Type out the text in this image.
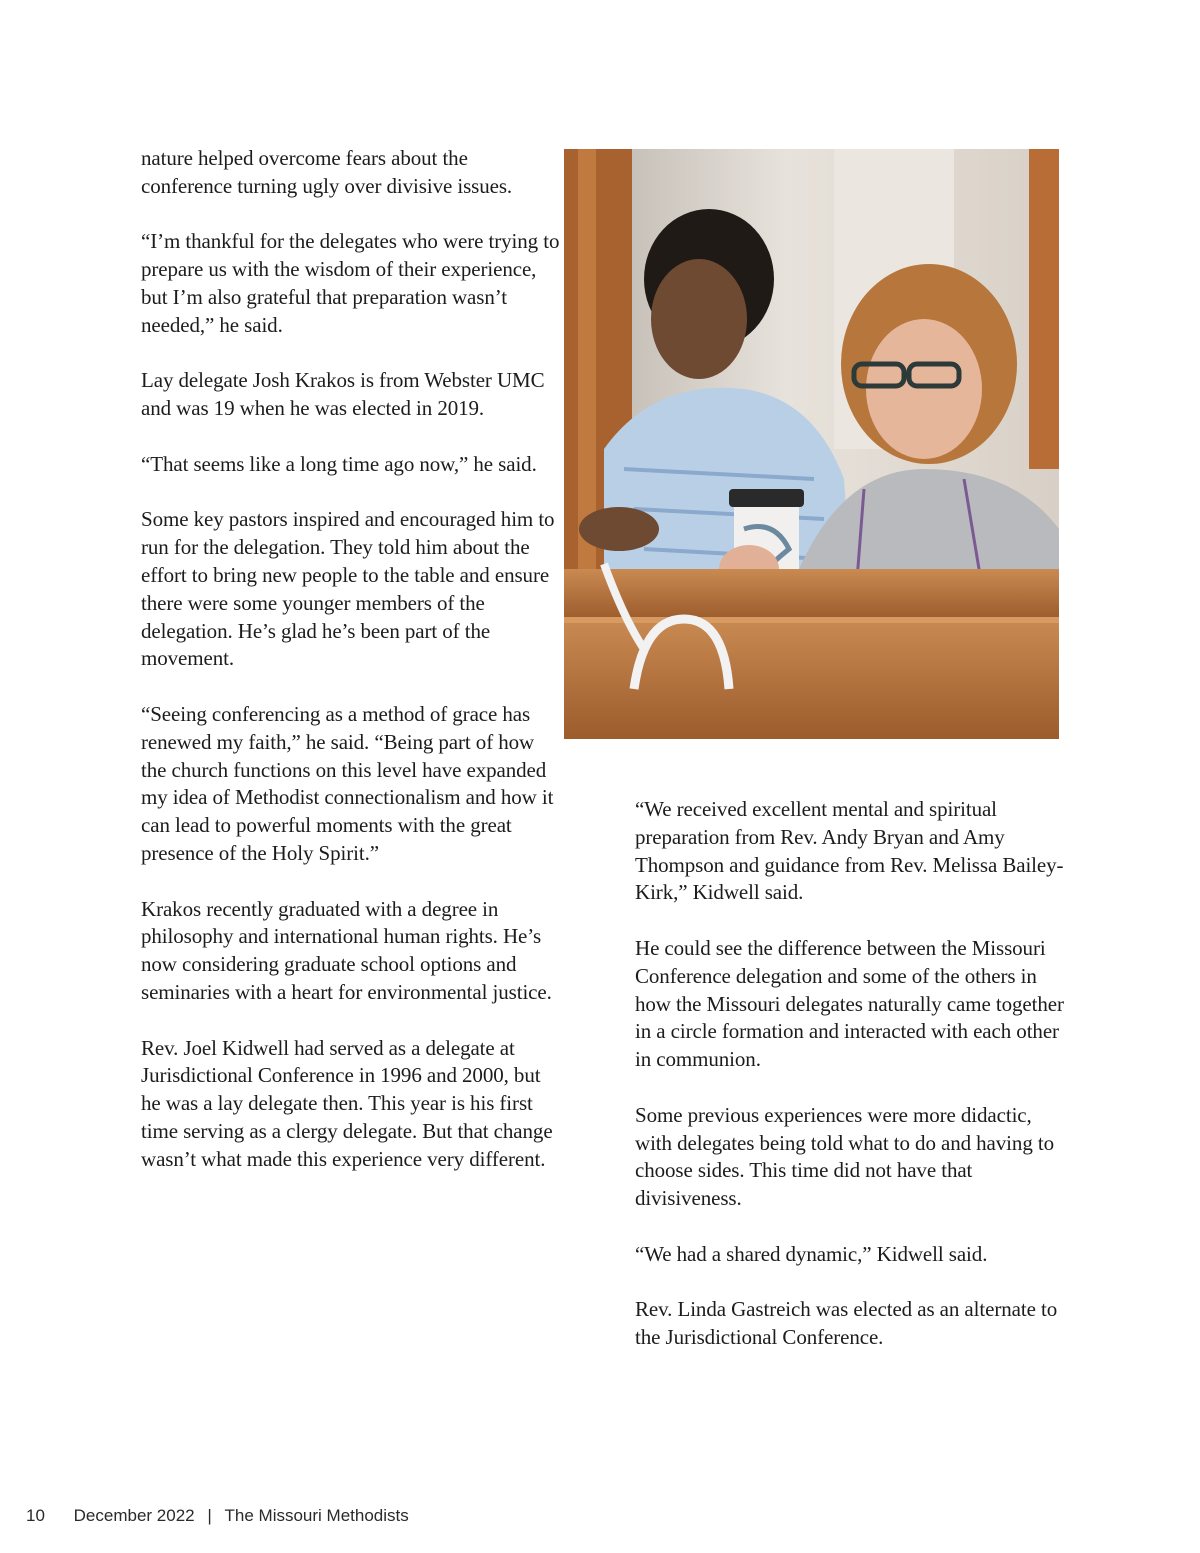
nature helped overcome fears about the conference turning ugly over divisive issues.

“I’m thankful for the delegates who were trying to prepare us with the wisdom of their experience, but I’m also grateful that preparation wasn’t needed,” he said.

Lay delegate Josh Krakos is from Webster UMC and was 19 when he was elected in 2019.

“That seems like a long time ago now,” he said.

Some key pastors inspired and encouraged him to run for the delegation. They told him about the effort to bring new people to the table and ensure there were some younger members of the delegation. He’s glad he’s been part of the movement.

“Seeing conferencing as a method of grace has renewed my faith,” he said. “Being part of how the church functions on this level have expanded my idea of Methodist connectionalism and how it can lead to powerful moments with the great presence of the Holy Spirit.”

Krakos recently graduated with a degree in philosophy and international human rights. He’s now considering graduate school options and seminaries with a heart for environmental justice.

Rev. Joel Kidwell had served as a delegate at Jurisdictional Conference in 1996 and 2000, but he was a lay delegate then. This year is his first time serving as a clergy delegate. But that change wasn’t what made this experience very different.

“We received excellent mental and spiritual preparation from Rev. Andy Bryan and Amy Thompson and guidance from Rev. Melissa Bailey-Kirk,” Kidwell said.

He could see the difference between the Missouri Conference delegation and some of the others in how the Missouri delegates naturally came together in a circle formation and interacted with each other in communion.

Some previous experiences were more didactic, with delegates being told what to do and having to choose sides. This time did not have that divisiveness.

“We had a shared dynamic,” Kidwell said.

Rev. Linda Gastreich was elected as an alternate to the Jurisdictional Conference.

10 December 2022 | The Missouri Methodists
